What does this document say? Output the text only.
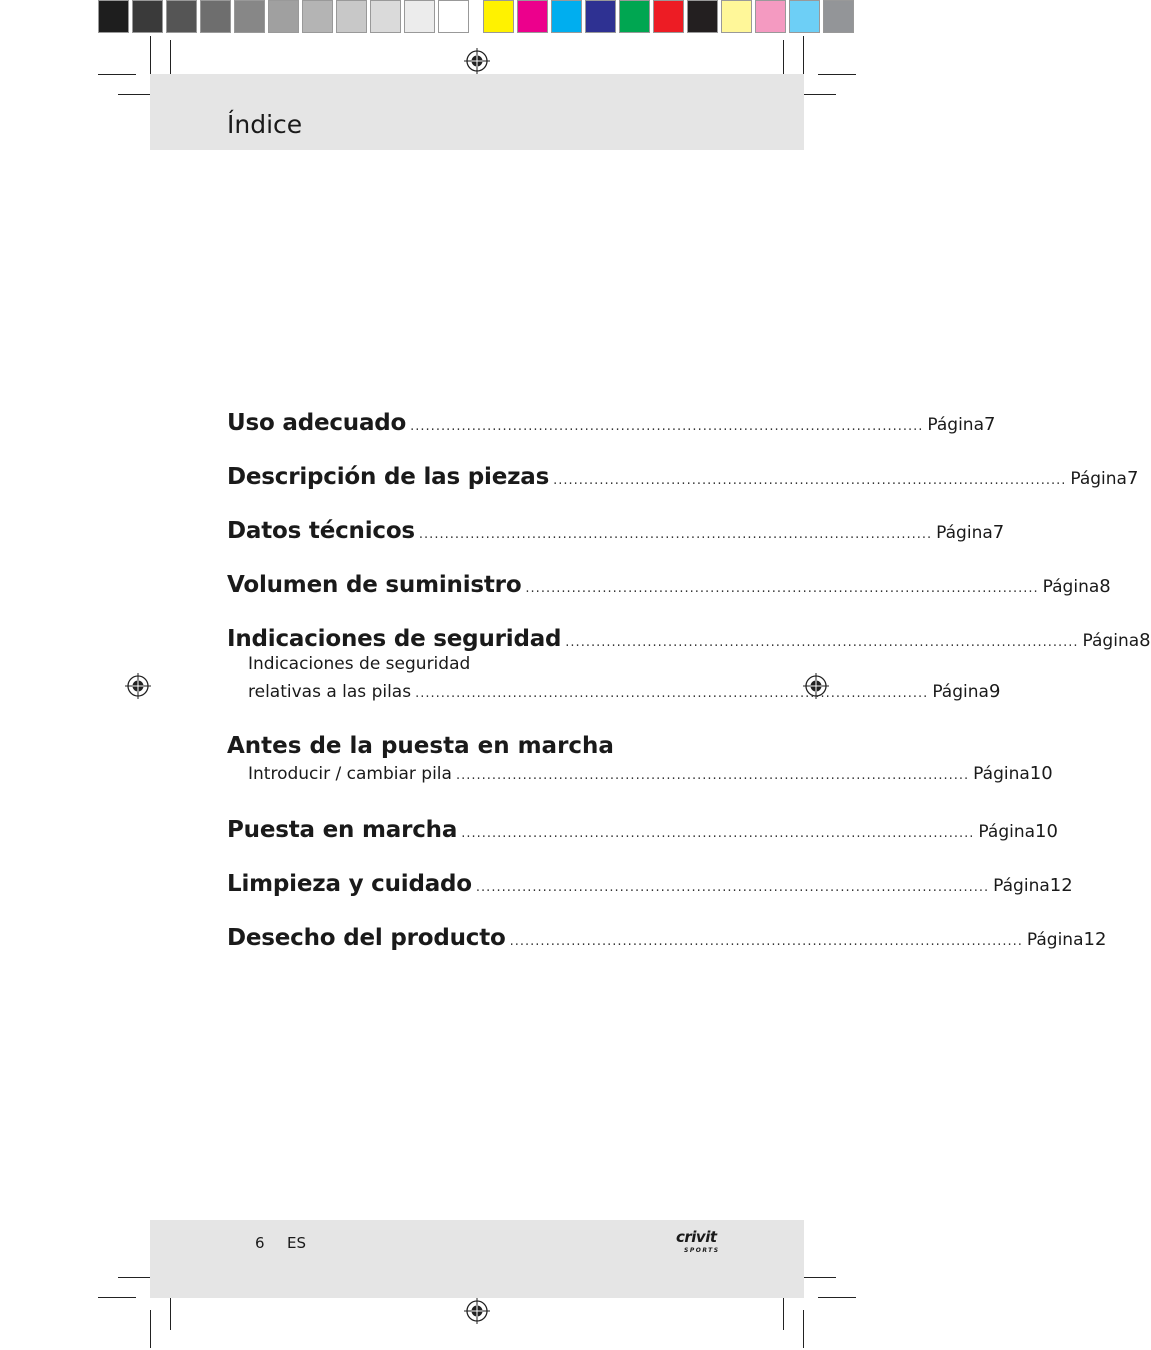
Índice
Uso adecuado .................................................................................................... Página 7
Descripción de las piezas .................................................................................................... Página 7
Datos técnicos .................................................................................................... Página 7
Volumen de suministro .................................................................................................... Página 8
Indicaciones de seguridad .................................................................................................... Página 8
Indicaciones de seguridad
relativas a las pilas .................................................................................................... Página 9
Antes de la puesta en marcha
Introducir / cambiar pila .................................................................................................... Página 10
Puesta en marcha .................................................................................................... Página 10
Limpieza y cuidado .................................................................................................... Página 12
Desecho del producto .................................................................................................... Página 12
6 ES	crivit
SPORTS
